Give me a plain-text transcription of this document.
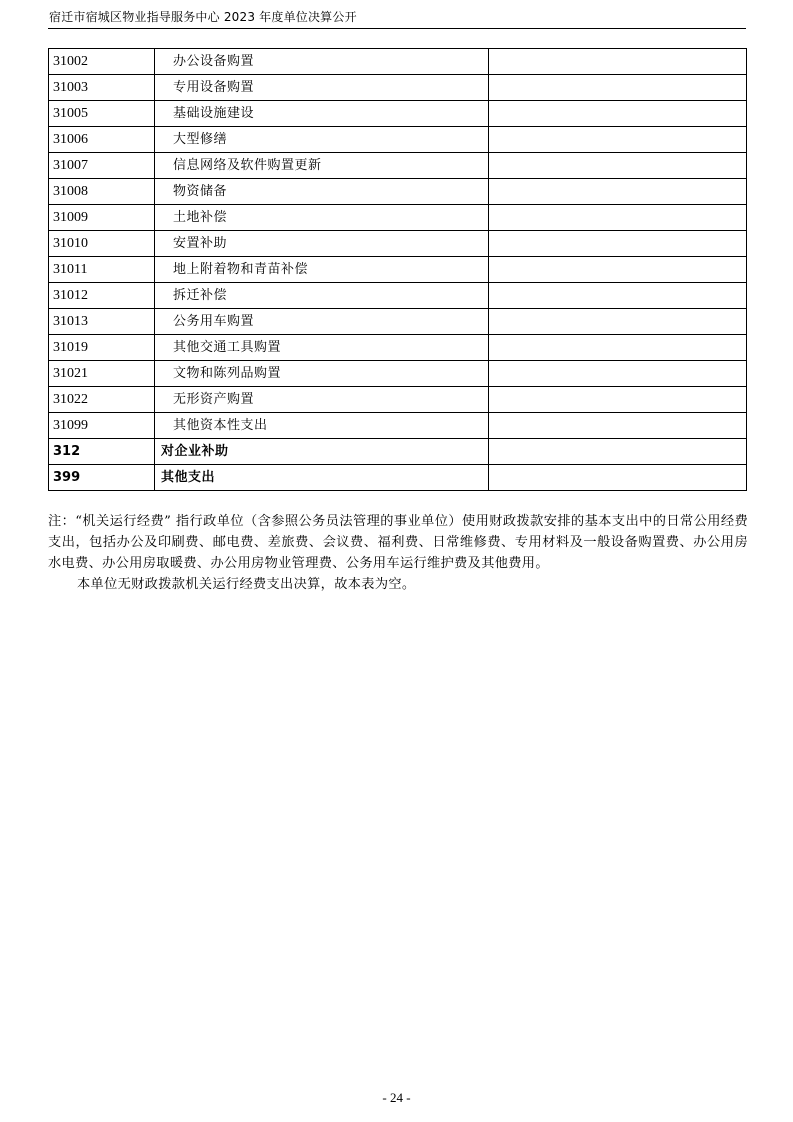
宿迁市宿城区物业指导服务中心 2023 年度单位决算公开
31002	办公设备购置	
31003	专用设备购置	
31005	基础设施建设	
31006	大型修缮	
31007	信息网络及软件购置更新	
31008	物资储备	
31009	土地补偿	
31010	安置补助	
31011	地上附着物和青苗补偿	
31012	拆迁补偿	
31013	公务用车购置	
31019	其他交通工具购置	
31021	文物和陈列品购置	
31022	无形资产购置	
31099	其他资本性支出	
312	对企业补助	
399	其他支出	

注：“机关运行经费” 指行政单位（含参照公务员法管理的事业单位）使用财政拨款安排的基本支出中的日常公用经费支出，包括办公及印刷费、邮电费、差旅费、会议费、福利费、日常维修费、专用材料及一般设备购置费、办公用房水电费、办公用房取暖费、办公用房物业管理费、公务用车运行维护费及其他费用。

本单位无财政拨款机关运行经费支出决算，故本表为空。

- 24 -
